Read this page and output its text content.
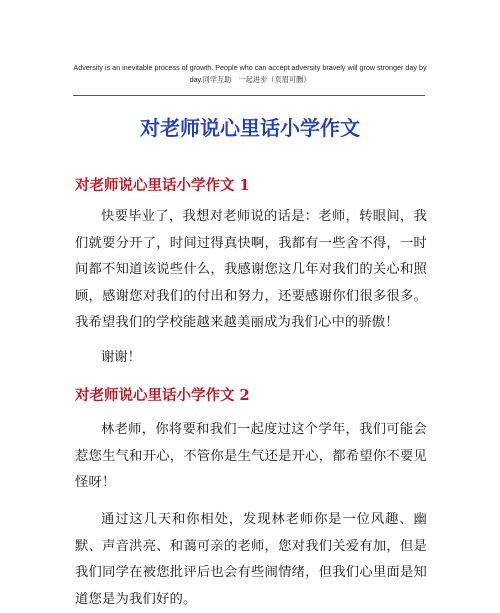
Adversity is an inevitable process of growth. People who can accept adversity bravely will grow stronger day by
day.同学互助　一起进步（页眉可删）
对老师说心里话小学作文
对老师说心里话小学作文 1
快要毕业了，我想对老师说的话是：老师，转眼间，我们就要分开了，时间过得真快啊，我都有一些舍不得，一时间都不知道该说些什么，我感谢您这几年对我们的关心和照顾，感谢您对我们的付出和努力，还要感谢你们很多很多。我希望我们的学校能越来越美丽成为我们心中的骄傲！
谢谢！
对老师说心里话小学作文 2
林老师，你将要和我们一起度过这个学年，我们可能会惹您生气和开心，不管你是生气还是开心，都希望你不要见怪呀！
通过这几天和你相处，发现林老师你是一位风趣、幽默、声音洪亮、和蔼可亲的老师，您对我们关爱有加，但是我们同学在被您批评后也会有些闹情绪，但我们心里面是知道您是为我们好的。
